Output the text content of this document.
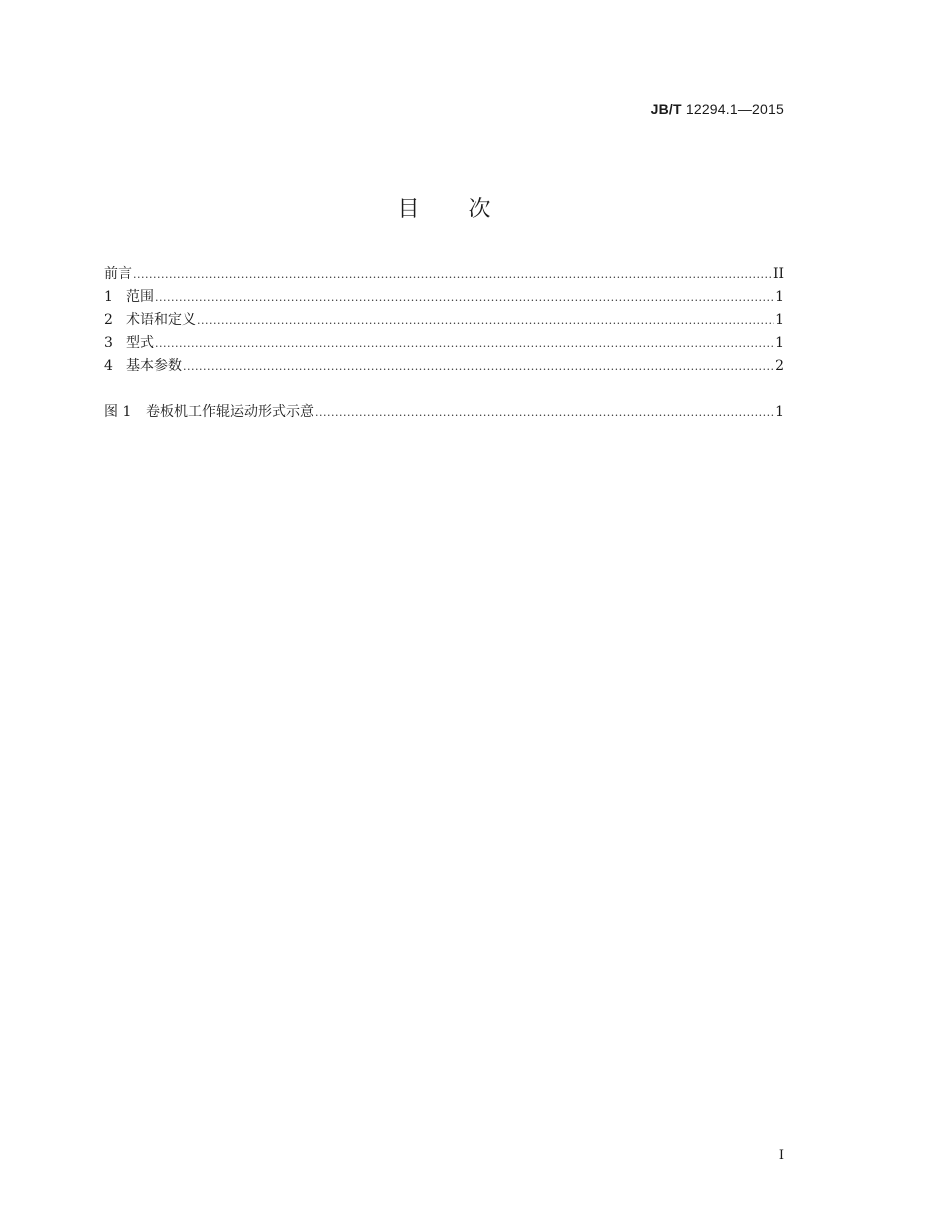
JB/T 12294.1—2015
目 次
前言 .....	II
1 范围 .....	1
2 术语和定义 .....	1
3 型式 .....	1
4 基本参数 .....	2
图 1	卷板机工作辊运动形式示意 .....	1
I
